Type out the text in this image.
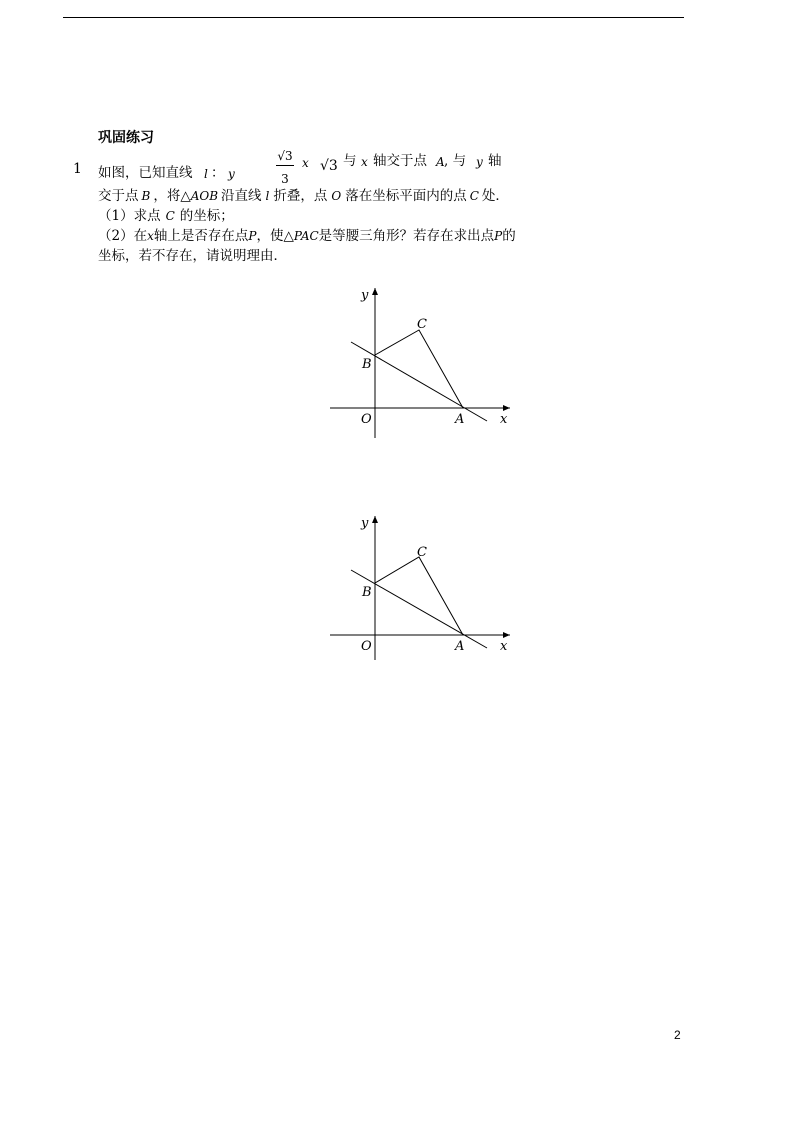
巩固练习
1 如图，已知直线 l ： y
√3
3
x √3 与 x 轴交于点 A , 与 y 轴
交于点 B ，将△AOB 沿直线 l 折叠，点 O 落在坐标平面内的点 C 处．
（1）求点 C 的坐标；
（2）在x轴上是否存在点P，使△PAC是等腰三角形？若存在求出点P的
坐标，若不存在，请说明理由．
y
x
O	A
B
C
y
x
O	A
B
C
2
